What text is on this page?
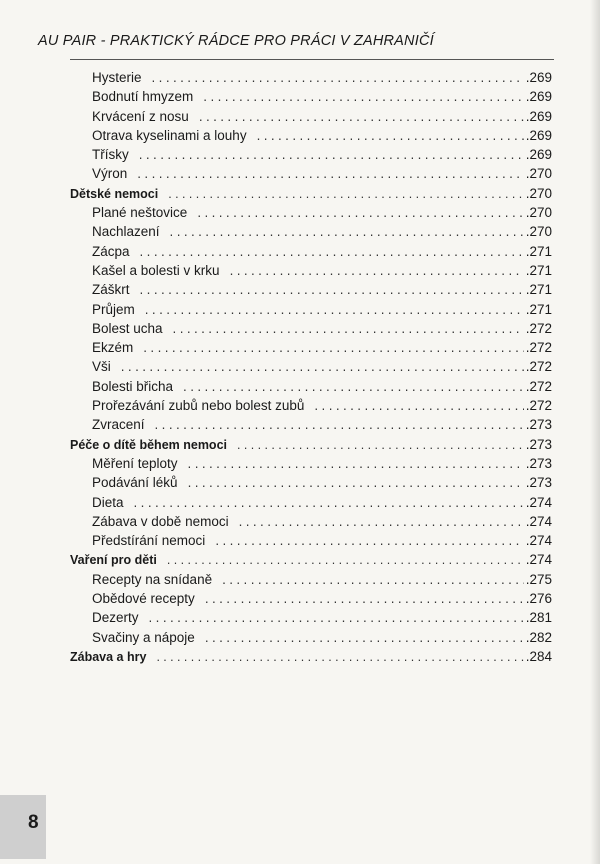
AU PAIR - PRAKTICKÝ RÁDCE PRO PRÁCI V ZAHRANIČÍ
Hysterie .....	.269
Bodnutí hmyzem .....	.269
Krvácení z nosu .....	.269
Otrava kyselinami a louhy .....	.269
Třísky .....	.269
Výron .....	.270
Dětské nemoci .....	.270
Plané neštovice .....	.270
Nachlazení .....	.270
Zácpa .....	.271
Kašel a bolesti v krku .....	.271
Záškrt .....	.271
Průjem .....	.271
Bolest ucha .....	.272
Ekzém .....	.272
Vši .....	.272
Bolesti břicha .....	.272
Prořezávání zubů nebo bolest zubů .....	.272
Zvracení .....	.273
Péče o dítě během nemoci .....	.273
Měření teploty .....	.273
Podávání léků .....	.273
Dieta .....	.274
Zábava v době nemoci .....	.274
Předstírání nemoci .....	.274
Vaření pro děti .....	.274
Recepty na snídaně .....	.275
Obědové recepty .....	.276
Dezerty .....	.281
Svačiny a nápoje .....	.282
Zábava a hry .....	.284
8
